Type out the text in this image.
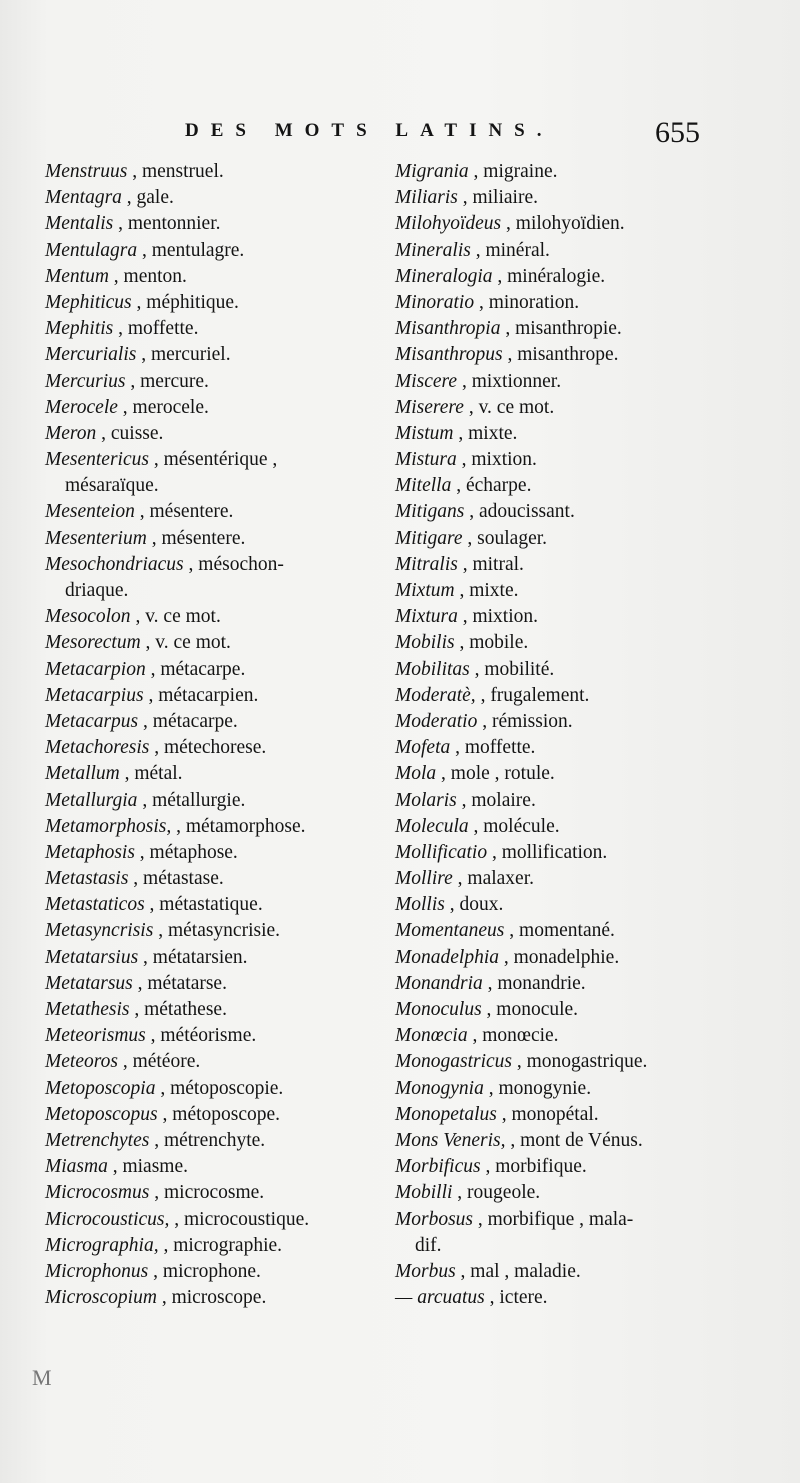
DES MOTS LATINS.	655
Menstruus , menstruel.
Mentagra , gale.
Mentalis , mentonnier.
Mentulagra , mentulagre.
Mentum , menton.
Mephiticus , méphitique.
Mephitis , moffette.
Mercurialis , mercuriel.
Mercurius , mercure.
Merocele , merocele.
Meron , cuisse.
Mesentericus , mésentérique ,
mésaraïque.
Mesenteion , mésentere.
Mesenterium , mésentere.
Mesochondriacus , mésochon-
driaque.
Mesocolon , v. ce mot.
Mesorectum , v. ce mot.
Metacarpion , métacarpe.
Metacarpius , métacarpien.
Metacarpus , métacarpe.
Metachoresis , métechorese.
Metallum , métal.
Metallurgia , métallurgie.
Metamorphosis, , métamorphose.
Metaphosis , métaphose.
Metastasis , métastase.
Metastaticos , métastatique.
Metasyncrisis , métasyncrisie.
Metatarsius , métatarsien.
Metatarsus , métatarse.
Metathesis , métathese.
Meteorismus , météorisme.
Meteoros , météore.
Metoposcopia , métoposcopie.
Metoposcopus , métoposcope.
Metrenchytes , métrenchyte.
Miasma , miasme.
Microcosmus , microcosme.
Microcousticus, , microcoustique.
Micrographia, , micrographie.
Microphonus , microphone.
Microscopium , microscope.
Migrania , migraine.
Miliaris , miliaire.
Milohyoïdeus , milohyoïdien.
Mineralis , minéral.
Mineralogia , minéralogie.
Minoratio , minoration.
Misanthropia , misanthropie.
Misanthropus , misanthrope.
Miscere , mixtionner.
Miserere , v. ce mot.
Mistum , mixte.
Mistura , mixtion.
Mitella , écharpe.
Mitigans , adoucissant.
Mitigare , soulager.
Mitralis , mitral.
Mixtum , mixte.
Mixtura , mixtion.
Mobilis , mobile.
Mobilitas , mobilité.
Moderatè, , frugalement.
Moderatio , rémission.
Mofeta , moffette.
Mola , mole , rotule.
Molaris , molaire.
Molecula , molécule.
Mollificatio , mollification.
Mollire , malaxer.
Mollis , doux.
Momentaneus , momentané.
Monadelphia , monadelphie.
Monandria , monandrie.
Monoculus , monocule.
Monœcia , monœcie.
Monogastricus , monogastrique.
Monogynia , monogynie.
Monopetalus , monopétal.
Mons Veneris, , mont de Vénus.
Morbificus , morbifique.
Mobilli , rougeole.
Morbosus , morbifique , mala-
dif.
Morbus , mal , maladie.
— arcuatus , ictere.
M
